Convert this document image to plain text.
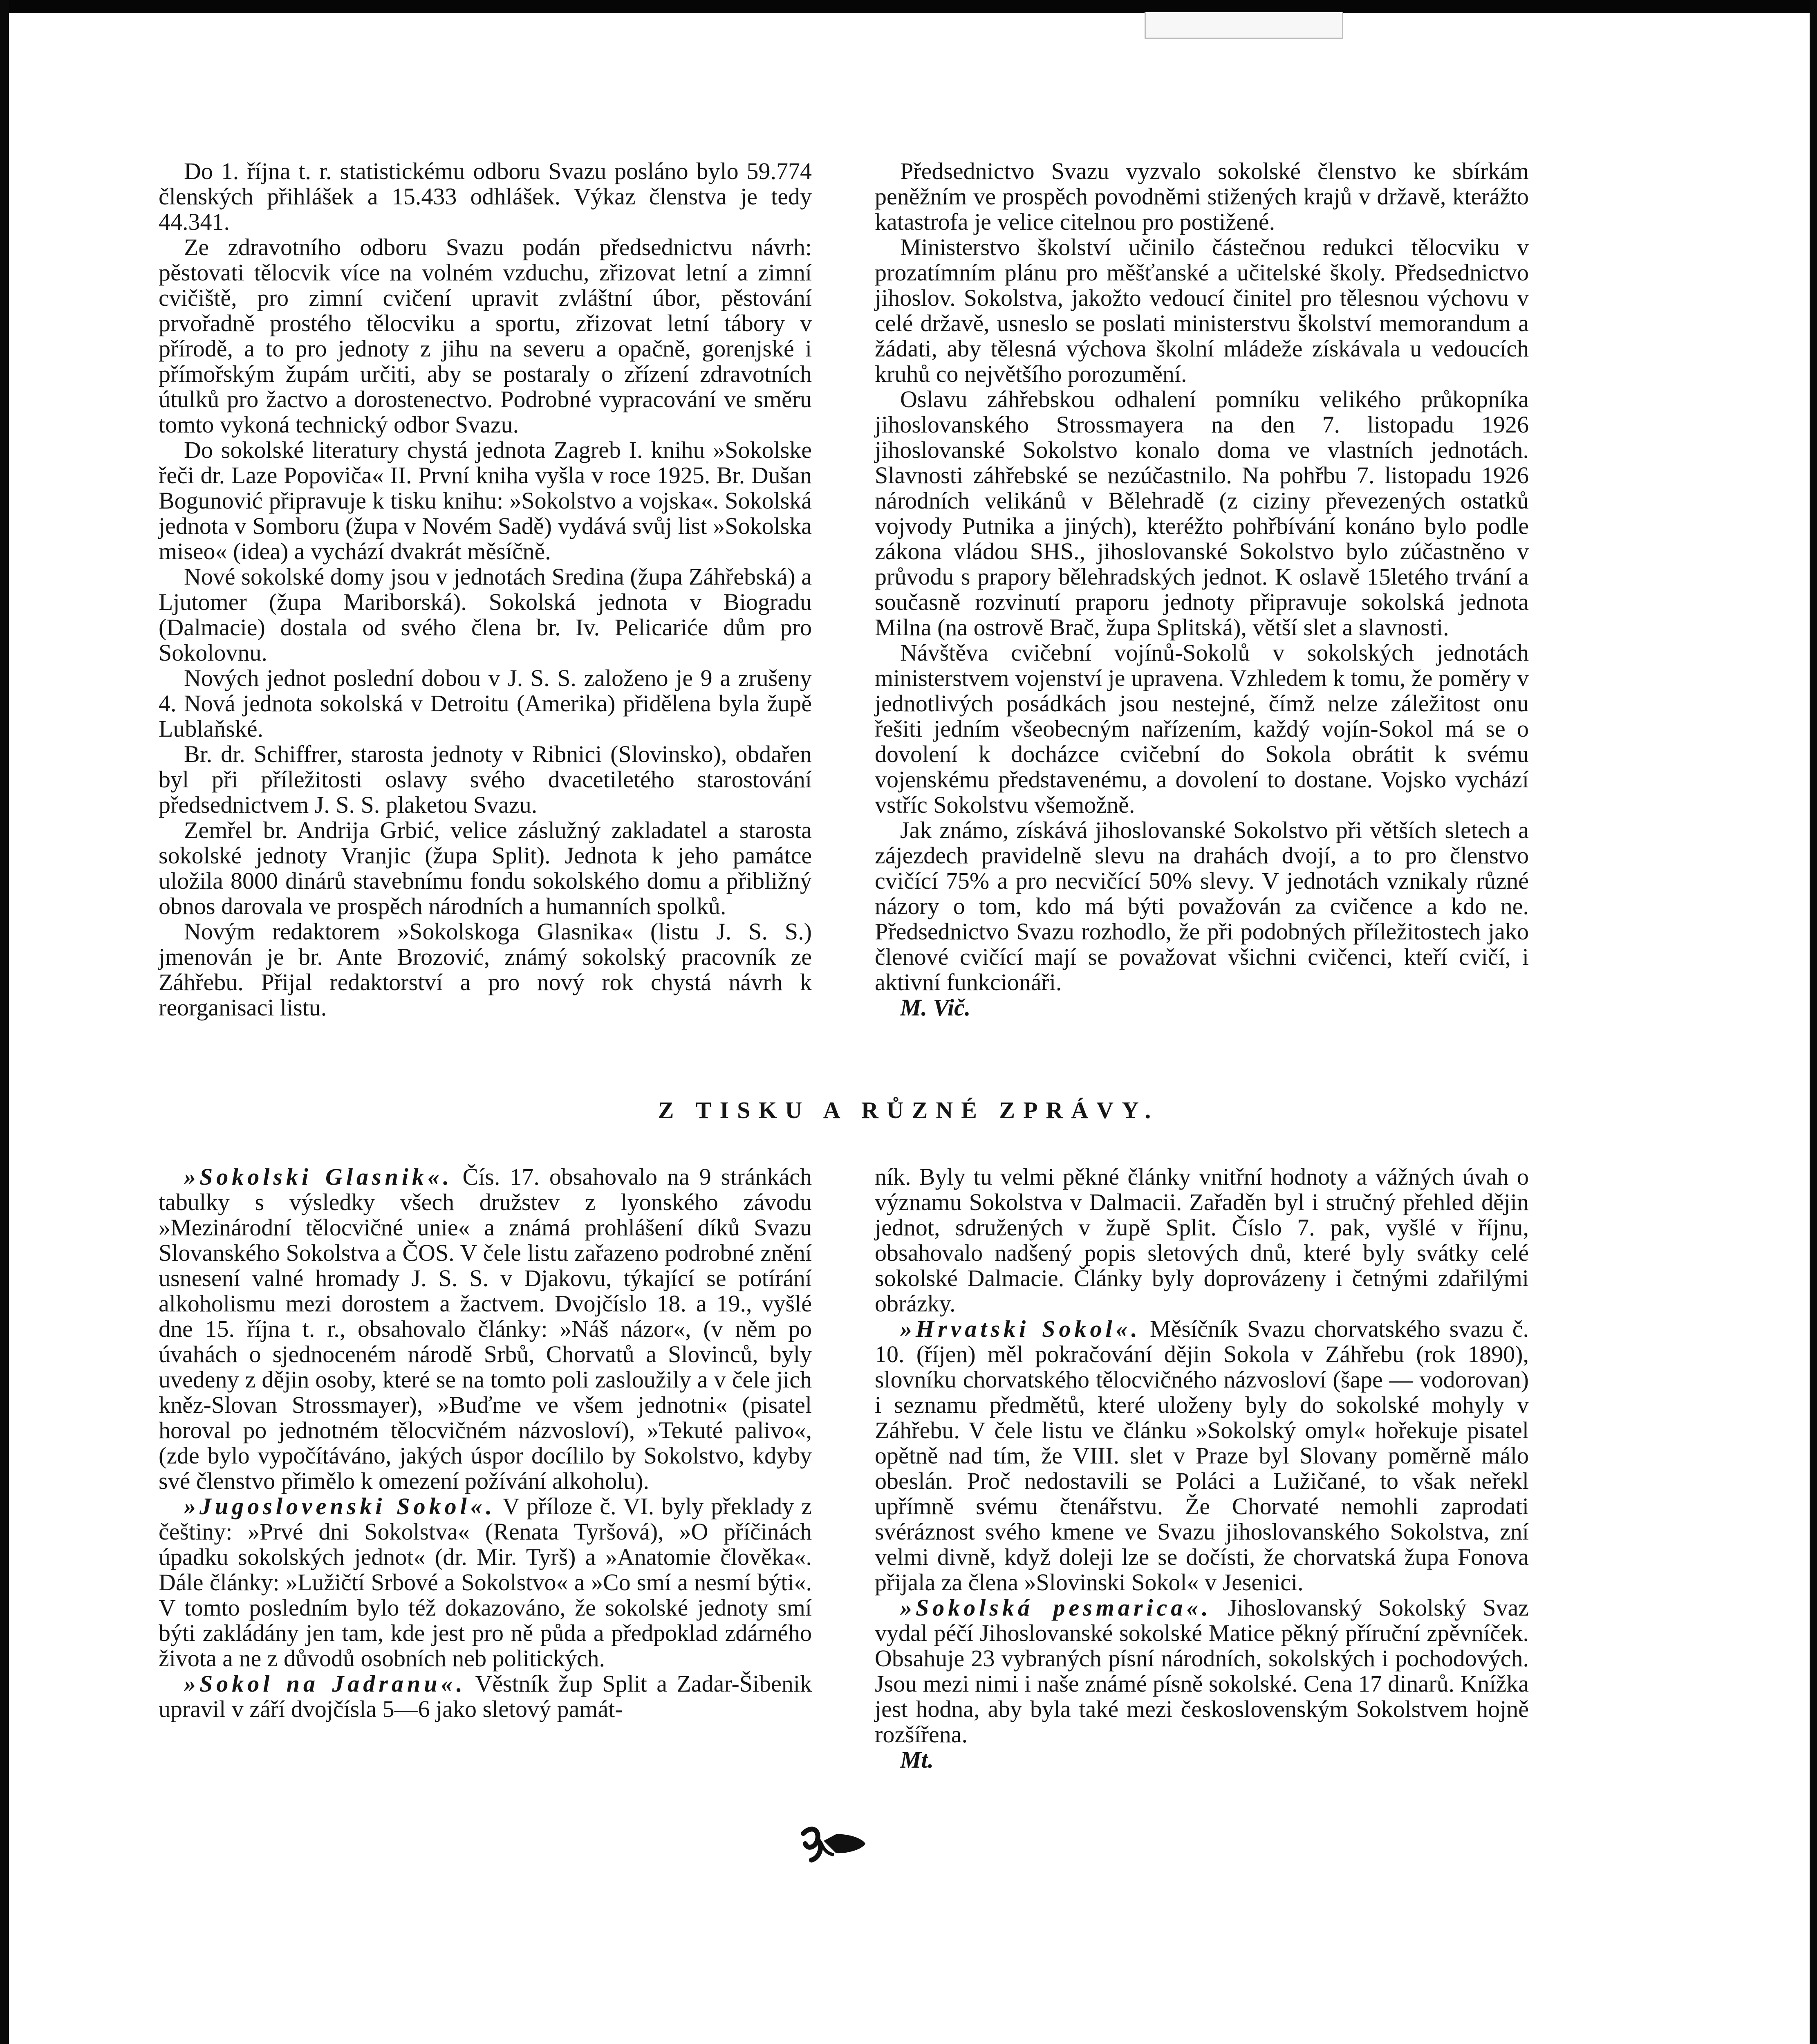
Do 1. října t. r. statistickému odboru Svazu posláno bylo 59.774 členských přihlášek a 15.433 odhlášek. Výkaz členstva je tedy 44.341.

Ze zdravotního odboru Svazu podán předsednictvu návrh: pěstovati tělocvik více na volném vzduchu, zřizovat letní a zimní cvičiště, pro zimní cvičení upravit zvláštní úbor, pěstování prvořadně prostého tělocviku a sportu, zřizovat letní tábory v přírodě, a to pro jednoty z jihu na severu a opačně, gorenjské i přímořským župám určiti, aby se postaraly o zřízení zdravotních útulků pro žactvo a dorostenectvo. Podrobné vypracování ve směru tomto vykoná technický odbor Svazu.

Do sokolské literatury chystá jednota Zagreb I. knihu »Sokolske řeči dr. Laze Popoviča« II. První kniha vyšla v roce 1925. Br. Dušan Bogunović připravuje k tisku knihu: »Sokolstvo a vojska«. Sokolská jednota v Somboru (župa v Novém Sadě) vydává svůj list »Sokolska miseo« (idea) a vychází dvakrát měsíčně.

Nové sokolské domy jsou v jednotách Sredina (župa Záhřebská) a Ljutomer (župa Mariborská). Sokolská jednota v Biogradu (Dalmacie) dostala od svého člena br. Iv. Pelicariće dům pro Sokolovnu.

Nových jednot poslední dobou v J. S. S. založeno je 9 a zrušeny 4. Nová jednota sokolská v Detroitu (Amerika) přidělena byla župě Lublaňské.

Br. dr. Schiffrer, starosta jednoty v Ribnici (Slovinsko), obdařen byl při příležitosti oslavy svého dvacetiletého starostování předsednictvem J. S. S. plaketou Svazu.

Zemřel br. Andrija Grbić, velice záslužný zakladatel a starosta sokolské jednoty Vranjic (župa Split). Jednota k jeho památce uložila 8000 dinárů stavebnímu fondu sokolského domu a přibližný obnos darovala ve prospěch národních a humanních spolků.

Novým redaktorem »Sokolskoga Glasnika« (listu J. S. S.) jmenován je br. Ante Brozović, známý sokolský pracovník ze Záhřebu. Přijal redaktorství a pro nový rok chystá návrh k reorganisaci listu.

Předsednictvo Svazu vyzvalo sokolské členstvo ke sbírkám peněžním ve prospěch povodněmi stižených krajů v državě, kterážto katastrofa je velice citelnou pro postižené.

Ministerstvo školství učinilo částečnou redukci tělocviku v prozatímním plánu pro měšťanské a učitelské školy. Předsednictvo jihoslov. Sokolstva, jakožto vedoucí činitel pro tělesnou výchovu v celé državě, usneslo se poslati ministerstvu školství memorandum a žádati, aby tělesná výchova školní mládeže získávala u vedoucích kruhů co největšího porozumění.

Oslavu záhřebskou odhalení pomníku velikého průkopníka jihoslovanského Strossmayera na den 7. listopadu 1926 jihoslovanské Sokolstvo konalo doma ve vlastních jednotách. Slavnosti záhřebské se nezúčastnilo. Na pohřbu 7. listopadu 1926 národních velikánů v Bělehradě (z ciziny převezených ostatků vojvody Putnika a jiných), kteréžto pohřbívání konáno bylo podle zákona vládou SHS., jihoslovanské Sokolstvo bylo zúčastněno v průvodu s prapory bělehradských jednot. K oslavě 15letého trvání a současně rozvinutí praporu jednoty připravuje sokolská jednota Milna (na ostrově Brač, župa Splitská), větší slet a slavnosti.

Návštěva cvičební vojínů-Sokolů v sokolských jednotách ministerstvem vojenství je upravena. Vzhledem k tomu, že poměry v jednotlivých posádkách jsou nestejné, čímž nelze záležitost onu řešiti jedním všeobecným nařízením, každý vojín-Sokol má se o dovolení k docházce cvičební do Sokola obrátit k svému vojenskému představenému, a dovolení to dostane. Vojsko vychází vstříc Sokolstvu všemožně.

Jak známo, získává jihoslovanské Sokolstvo při větších sletech a zájezdech pravidelně slevu na drahách dvojí, a to pro členstvo cvičící 75% a pro necvičící 50% slevy. V jednotách vznikaly různé názory o tom, kdo má býti považován za cvičence a kdo ne. Předsednictvo Svazu rozhodlo, že při podobných příležitostech jako členové cvičící mají se považovat všichni cvičenci, kteří cvičí, i aktivní funkcionáři.

M. Vič.

Z TISKU A RŮZNÉ ZPRÁVY.

»Sokolski Glasnik«. Čís. 17. obsahovalo na 9 stránkách tabulky s výsledky všech družstev z lyonského závodu »Mezinárodní tělocvičné unie« a známá prohlášení díků Svazu Slovanského Sokolstva a ČOS. V čele listu zařazeno podrobné znění usnesení valné hromady J. S. S. v Djakovu, týkající se potírání alkoholismu mezi dorostem a žactvem. Dvojčíslo 18. a 19., vyšlé dne 15. října t. r., obsahovalo články: »Náš názor«, (v něm po úvahách o sjednoceném národě Srbů, Chorvatů a Slovinců, byly uvedeny z dějin osoby, které se na tomto poli zasloužily a v čele jich kněz-Slovan Strossmayer), »Buďme ve všem jednotni« (pisatel horoval po jednotném tělocvičném názvosloví), »Tekuté palivo«, (zde bylo vypočítáváno, jakých úspor docílilo by Sokolstvo, kdyby své členstvo přimělo k omezení požívání alkoholu).

»Jugoslovenski Sokol«. V příloze č. VI. byly překlady z češtiny: »Prvé dni Sokolstva« (Renata Tyršová), »O příčinách úpadku sokolských jednot« (dr. Mir. Tyrš) a »Anatomie člověka«. Dále články: »Lužičtí Srbové a Sokolstvo« a »Co smí a nesmí býti«. V tomto posledním bylo též dokazováno, že sokolské jednoty smí býti zakládány jen tam, kde jest pro ně půda a předpoklad zdárného života a ne z důvodů osobních neb politických.

»Sokol na Jadranu«. Věstník žup Split a Zadar-Šibenik upravil v září dvojčísla 5—6 jako sletový památ-

ník. Byly tu velmi pěkné články vnitřní hodnoty a vážných úvah o významu Sokolstva v Dalmacii. Zařaděn byl i stručný přehled dějin jednot, sdružených v župě Split. Číslo 7. pak, vyšlé v říjnu, obsahovalo nadšený popis sletových dnů, které byly svátky celé sokolské Dalmacie. Články byly doprovázeny i četnými zdařilými obrázky.

»Hrvatski Sokol«. Měsíčník Svazu chorvatského svazu č. 10. (říjen) měl pokračování dějin Sokola v Záhřebu (rok 1890), slovníku chorvatského tělocvičného názvosloví (šape — vodorovan) i seznamu předmětů, které uloženy byly do sokolské mohyly v Záhřebu. V čele listu ve článku »Sokolský omyl« hořekuje pisatel opětně nad tím, že VIII. slet v Praze byl Slovany poměrně málo obeslán. Proč nedostavili se Poláci a Lužičané, to však neřekl upřímně svému čtenářstvu. Že Chorvaté nemohli zaprodati svéráznost svého kmene ve Svazu jihoslovanského Sokolstva, zní velmi divně, když doleji lze se dočísti, že chorvatská župa Fonova přijala za člena »Slovinski Sokol« v Jesenici.

»Sokolská pesmarica«. Jihoslovanský Sokolský Svaz vydal péčí Jihoslovanské sokolské Matice pěkný příruční zpěvníček. Obsahuje 23 vybraných písní národních, sokolských i pochodových. Jsou mezi nimi i naše známé písně sokolské. Cena 17 dinarů. Knížka jest hodna, aby byla také mezi československým Sokolstvem hojně rozšířena.

Mt.
